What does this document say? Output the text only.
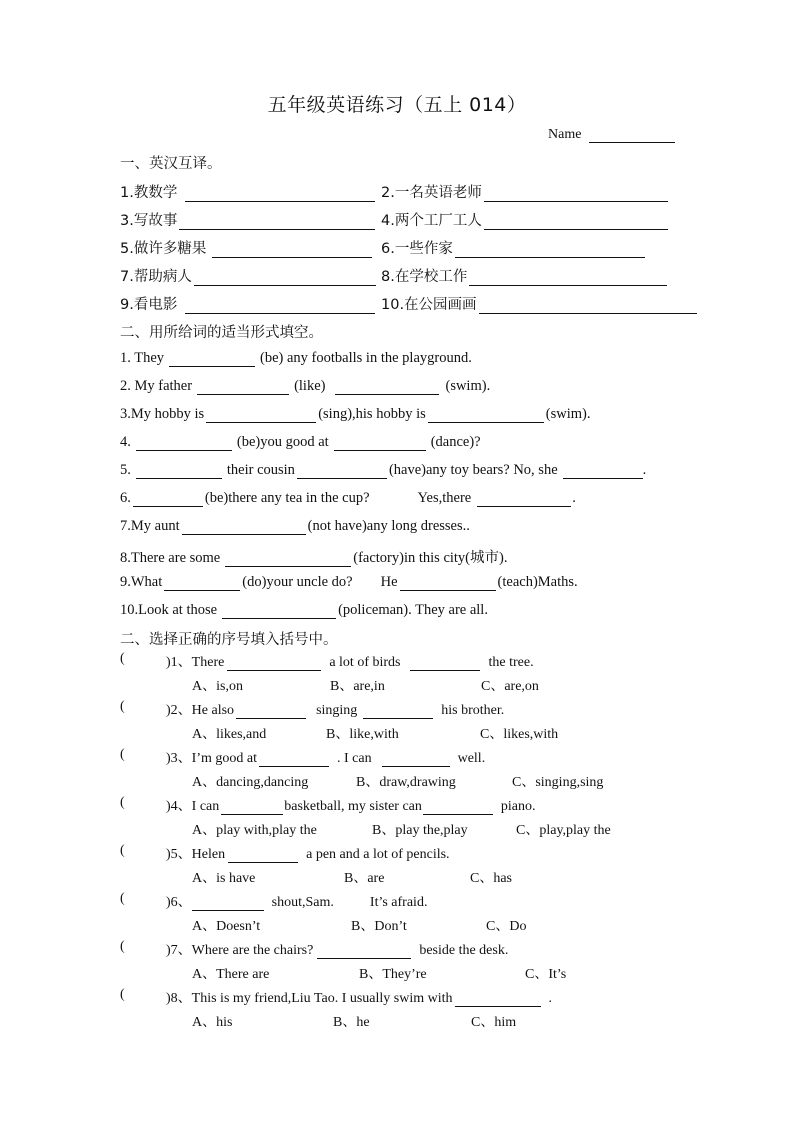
五年级英语练习（五上 014）
Name
一、英汉互译。
1.教数学	2.一名英语老师
3.写故事	4.两个工厂工人
5.做许多糖果	6.一些作家
7.帮助病人	8.在学校工作
9.看电影	10.在公园画画
二、用所给词的适当形式填空。
1. They	(be) any footballs in the playground.
2. My father	(like)	(swim).
3.My hobby is	(sing),his hobby is	(swim).
4.	(be)you good at	(dance)?
5.	their cousin	(have)any toy bears? No, she	.
6.	(be)there any tea in the cup?	Yes,there	.
7.My aunt	(not have)any long dresses..
8.There are some	(factory)in this city(城市).
9.What	(do)your uncle do? He	(teach)Maths.
10.Look at those	(policeman). They are all.
二、选择正确的序号填入括号中。
(	)1、There	a lot of birds	the tree.
A、is,on	B、are,in	C、are,on
(	)2、He also	singing	his brother.
A、likes,and	B、like,with	C、likes,with
(	)3、I’m good at	. I can	well.
A、dancing,dancing	B、draw,drawing	C、singing,sing
(	)4、I can	basketball, my sister can	piano.
A、play with,play the	B、play the,play	C、play,play the
(	)5、Helen	a pen and a lot of pencils.
A、is have	B、are	C、has
(	)6、	shout,Sam.	It’s afraid.
A、Doesn’t	B、Don’t	C、Do
(	)7、Where are the chairs?	beside the desk.
A、There are	B、They’re	C、It’s
(	)8、This is my friend,Liu Tao. I usually swim with	.
A、his	B、he	C、him
